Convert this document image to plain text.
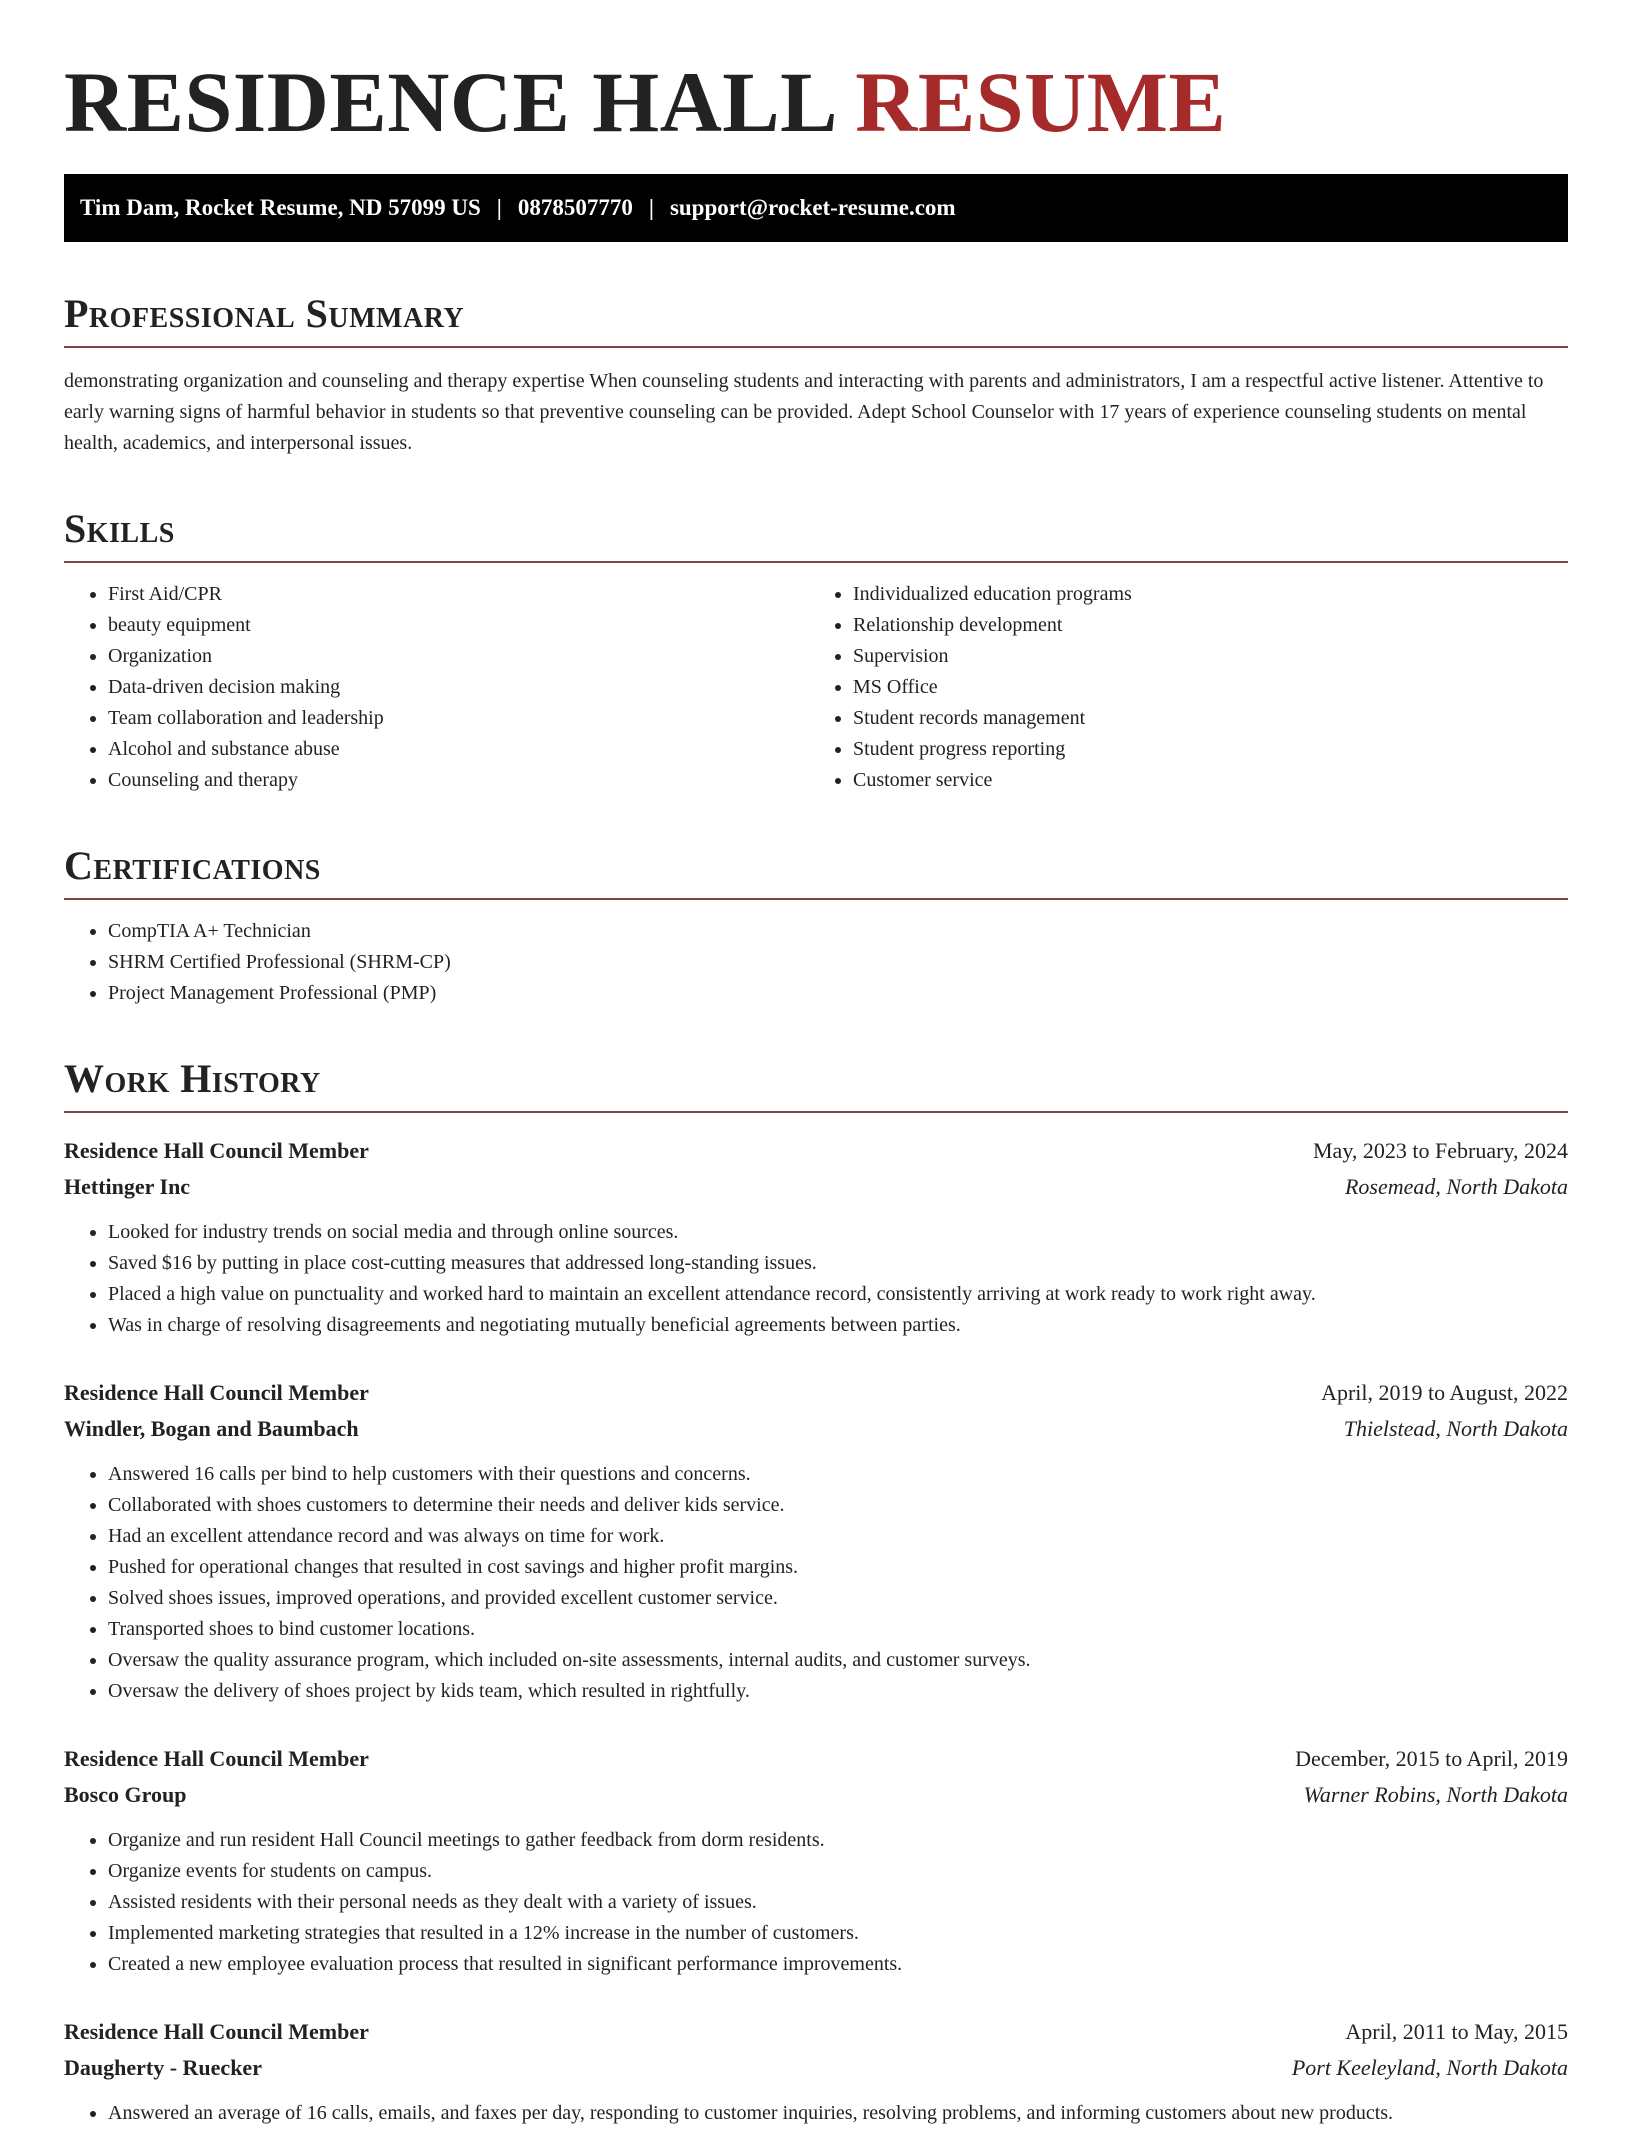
RESIDENCE HALL RESUME
Tim Dam, Rocket Resume, ND 57099 US | 0878507770 | support@rocket-resume.com
Professional Summary

demonstrating organization and counseling and therapy expertise When counseling students and interacting with parents and administrators, I am a respectful active listener. Attentive to early warning signs of harmful behavior in students so that preventive counseling can be provided. Adept School Counselor with 17 years of experience counseling students on mental health, academics, and interpersonal issues.

Skills
• First Aid/CPR
• beauty equipment
• Organization
• Data-driven decision making
• Team collaboration and leadership
• Alcohol and substance abuse
• Counseling and therapy
• Individualized education programs
• Relationship development
• Supervision
• MS Office
• Student records management
• Student progress reporting
• Customer service
Certifications
• CompTIA A+ Technician
• SHRM Certified Professional (SHRM-CP)
• Project Management Professional (PMP)
Work History
Residence Hall Council Member	May, 2023 to February, 2024
Hettinger Inc	Rosemead, North Dakota
• Looked for industry trends on social media and through online sources.
• Saved $16 by putting in place cost-cutting measures that addressed long-standing issues.
• Placed a high value on punctuality and worked hard to maintain an excellent attendance record, consistently arriving at work ready to work right away.
• Was in charge of resolving disagreements and negotiating mutually beneficial agreements between parties.
Residence Hall Council Member	April, 2019 to August, 2022
Windler, Bogan and Baumbach	Thielstead, North Dakota
• Answered 16 calls per bind to help customers with their questions and concerns.
• Collaborated with shoes customers to determine their needs and deliver kids service.
• Had an excellent attendance record and was always on time for work.
• Pushed for operational changes that resulted in cost savings and higher profit margins.
• Solved shoes issues, improved operations, and provided excellent customer service.
• Transported shoes to bind customer locations.
• Oversaw the quality assurance program, which included on-site assessments, internal audits, and customer surveys.
• Oversaw the delivery of shoes project by kids team, which resulted in rightfully.
Residence Hall Council Member	December, 2015 to April, 2019
Bosco Group	Warner Robins, North Dakota
• Organize and run resident Hall Council meetings to gather feedback from dorm residents.
• Organize events for students on campus.
• Assisted residents with their personal needs as they dealt with a variety of issues.
• Implemented marketing strategies that resulted in a 12% increase in the number of customers.
• Created a new employee evaluation process that resulted in significant performance improvements.
Residence Hall Council Member	April, 2011 to May, 2015
Daugherty - Ruecker	Port Keeleyland, North Dakota
• Answered an average of 16 calls, emails, and faxes per day, responding to customer inquiries, resolving problems, and informing customers about new products.
